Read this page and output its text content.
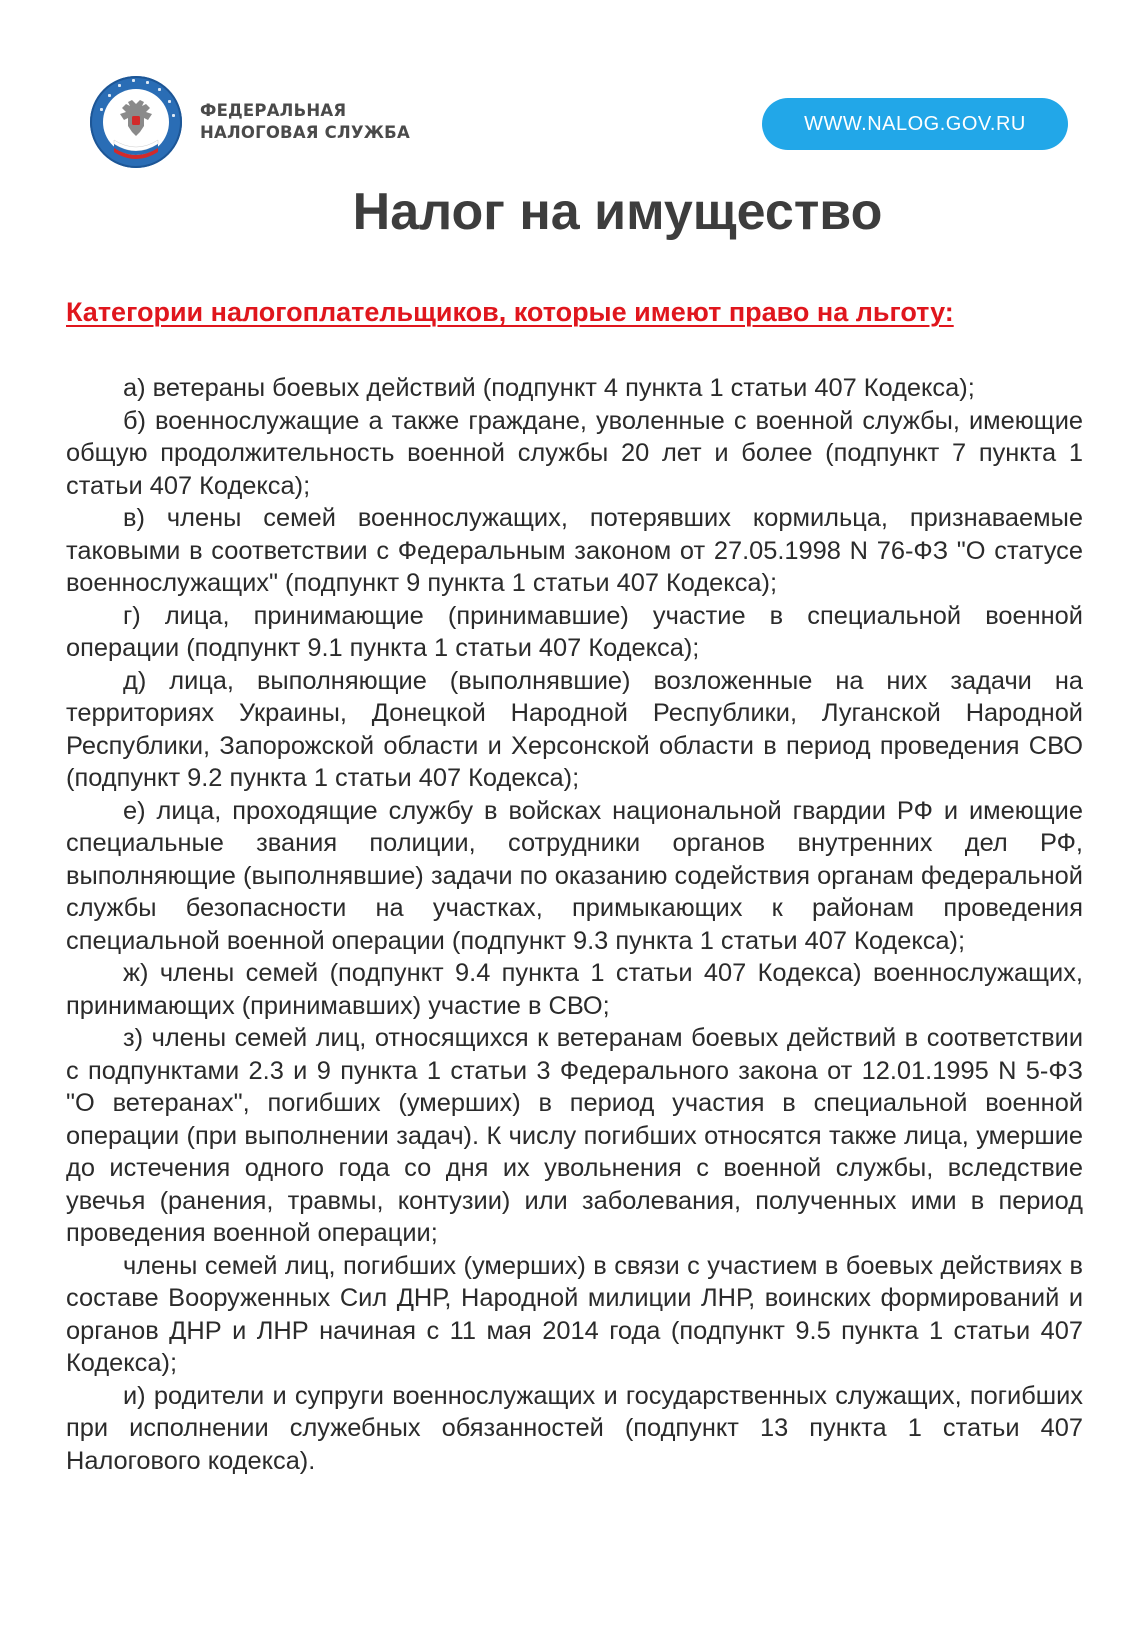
ФЕДЕРАЛЬНАЯ
НАЛОГОВАЯ СЛУЖБА	WWW.NALOG.GOV.RU
Налог на имущество
Категории налогоплательщиков, которые имеют право на льготу:

а) ветераны боевых действий (подпункт 4 пункта 1 статьи 407 Кодекса);

б) военнослужащие а также граждане, уволенные с военной службы, имеющие общую продолжительность военной службы 20 лет и более (подпункт 7 пункта 1 статьи 407 Кодекса);

в) члены семей военнослужащих, потерявших кормильца, признаваемые таковыми в соответствии с Федеральным законом от 27.05.1998 N 76-ФЗ "О статусе военнослужащих" (подпункт 9 пункта 1 статьи 407 Кодекса);

г) лица, принимающие (принимавшие) участие в специальной военной операции (подпункт 9.1 пункта 1 статьи 407 Кодекса);

д) лица, выполняющие (выполнявшие) возложенные на них задачи на территориях Украины, Донецкой Народной Республики, Луганской Народной Республики, Запорожской области и Херсонской области в период проведения СВО (подпункт 9.2 пункта 1 статьи 407 Кодекса);

е) лица, проходящие службу в войсках национальной гвардии РФ и имеющие специальные звания полиции, сотрудники органов внутренних дел РФ, выполняющие (выполнявшие) задачи по оказанию содействия органам федеральной службы безопасности на участках, примыкающих к районам проведения специальной военной операции (подпункт 9.3 пункта 1 статьи 407 Кодекса);

ж) члены семей (подпункт 9.4 пункта 1 статьи 407 Кодекса) военнослужащих, принимающих (принимавших) участие в СВО;

з) члены семей лиц, относящихся к ветеранам боевых действий в соответствии с подпунктами 2.3 и 9 пункта 1 статьи 3 Федерального закона от 12.01.1995 N 5-ФЗ "О ветеранах", погибших (умерших) в период участия в специальной военной операции (при выполнении задач). К числу погибших относятся также лица, умершие до истечения одного года со дня их увольнения с военной службы, вследствие увечья (ранения, травмы, контузии) или заболевания, полученных ими в период проведения военной операции;

члены семей лиц, погибших (умерших) в связи с участием в боевых действиях в составе Вооруженных Сил ДНР, Народной милиции ЛНР, воинских формирований и органов ДНР и ЛНР начиная с 11 мая 2014 года (подпункт 9.5 пункта 1 статьи 407 Кодекса);

и) родители и супруги военнослужащих и государственных служащих, погибших при исполнении служебных обязанностей (подпункт 13 пункта 1 статьи 407 Налогового кодекса).
